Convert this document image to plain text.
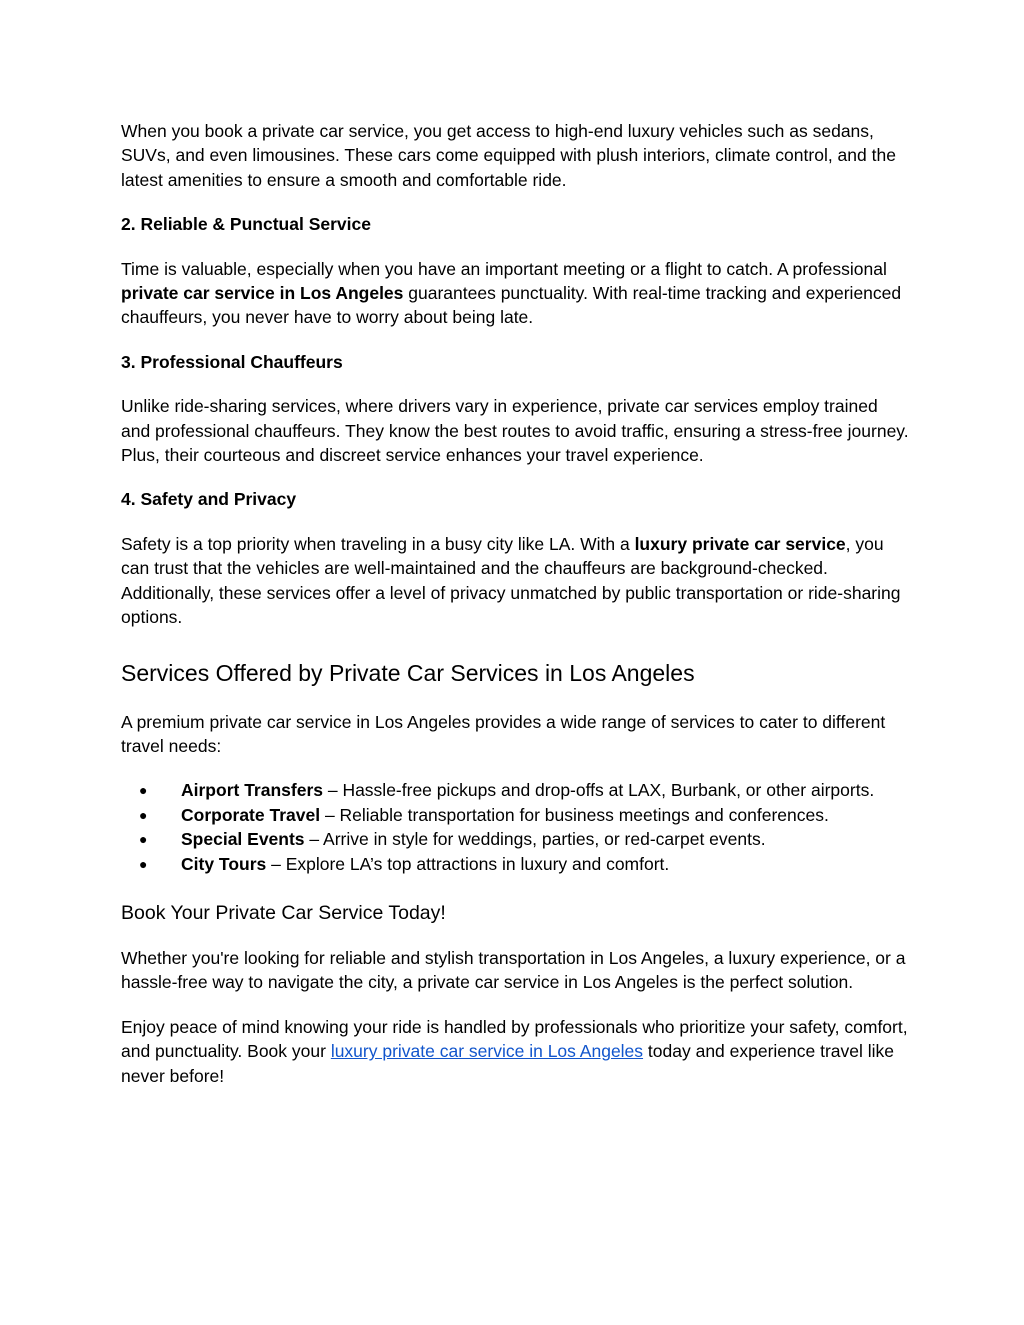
When you book a private car service, you get access to high-end luxury vehicles such as sedans, SUVs, and even limousines. These cars come equipped with plush interiors, climate control, and the latest amenities to ensure a smooth and comfortable ride.

2. Reliable & Punctual Service

Time is valuable, especially when you have an important meeting or a flight to catch. A professional private car service in Los Angeles guarantees punctuality. With real-time tracking and experienced chauffeurs, you never have to worry about being late.

3. Professional Chauffeurs

Unlike ride-sharing services, where drivers vary in experience, private car services employ trained and professional chauffeurs. They know the best routes to avoid traffic, ensuring a stress-free journey. Plus, their courteous and discreet service enhances your travel experience.

4. Safety and Privacy

Safety is a top priority when traveling in a busy city like LA. With a luxury private car service, you can trust that the vehicles are well-maintained and the chauffeurs are background-checked. Additionally, these services offer a level of privacy unmatched by public transportation or ride-sharing options.

Services Offered by Private Car Services in Los Angeles

A premium private car service in Los Angeles provides a wide range of services to cater to different travel needs:

● Airport Transfers – Hassle-free pickups and drop-offs at LAX, Burbank, or other airports.
● Corporate Travel – Reliable transportation for business meetings and conferences.
● Special Events – Arrive in style for weddings, parties, or red-carpet events.
● City Tours – Explore LA’s top attractions in luxury and comfort.
Book Your Private Car Service Today!

Whether you're looking for reliable and stylish transportation in Los Angeles, a luxury experience, or a hassle-free way to navigate the city, a private car service in Los Angeles is the perfect solution.

Enjoy peace of mind knowing your ride is handled by professionals who prioritize your safety, comfort, and punctuality. Book your luxury private car service in Los Angeles today and experience travel like never before!
